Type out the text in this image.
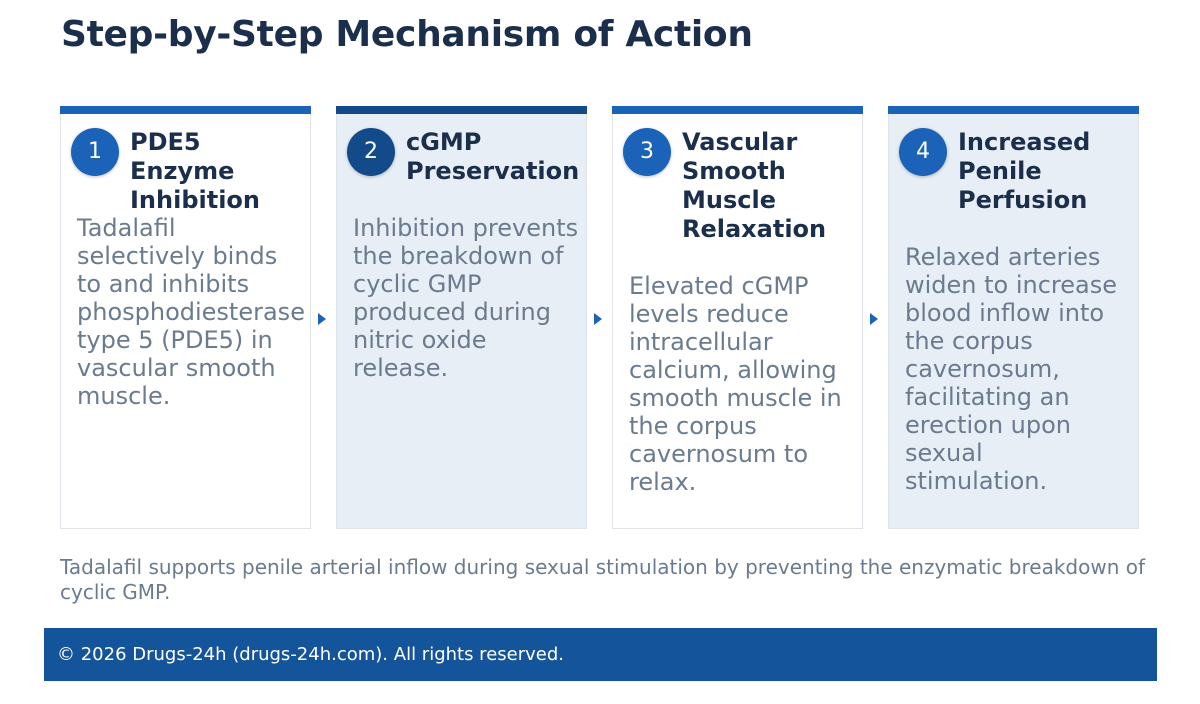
Step-by-Step Mechanism of Action
1	PDE5 Enzyme Inhibition

Tadalafil selectively binds to and inhibits phosphodiesterase type 5 (PDE5) in vascular smooth muscle.

2	cGMP Preservation

Inhibition prevents the breakdown of cyclic GMP produced during nitric oxide release.

3	Vascular Smooth Muscle Relaxation

Elevated cGMP levels reduce intracellular calcium, allowing smooth muscle in the corpus cavernosum to relax.

4	Increased Penile Perfusion

Relaxed arteries widen to increase blood inflow into the corpus cavernosum, facilitating an erection upon sexual stimulation.

Tadalafil supports penile arterial inflow during sexual stimulation by preventing the enzymatic breakdown of cyclic GMP.

© 2026 Drugs-24h (drugs-24h.com). All rights reserved.
